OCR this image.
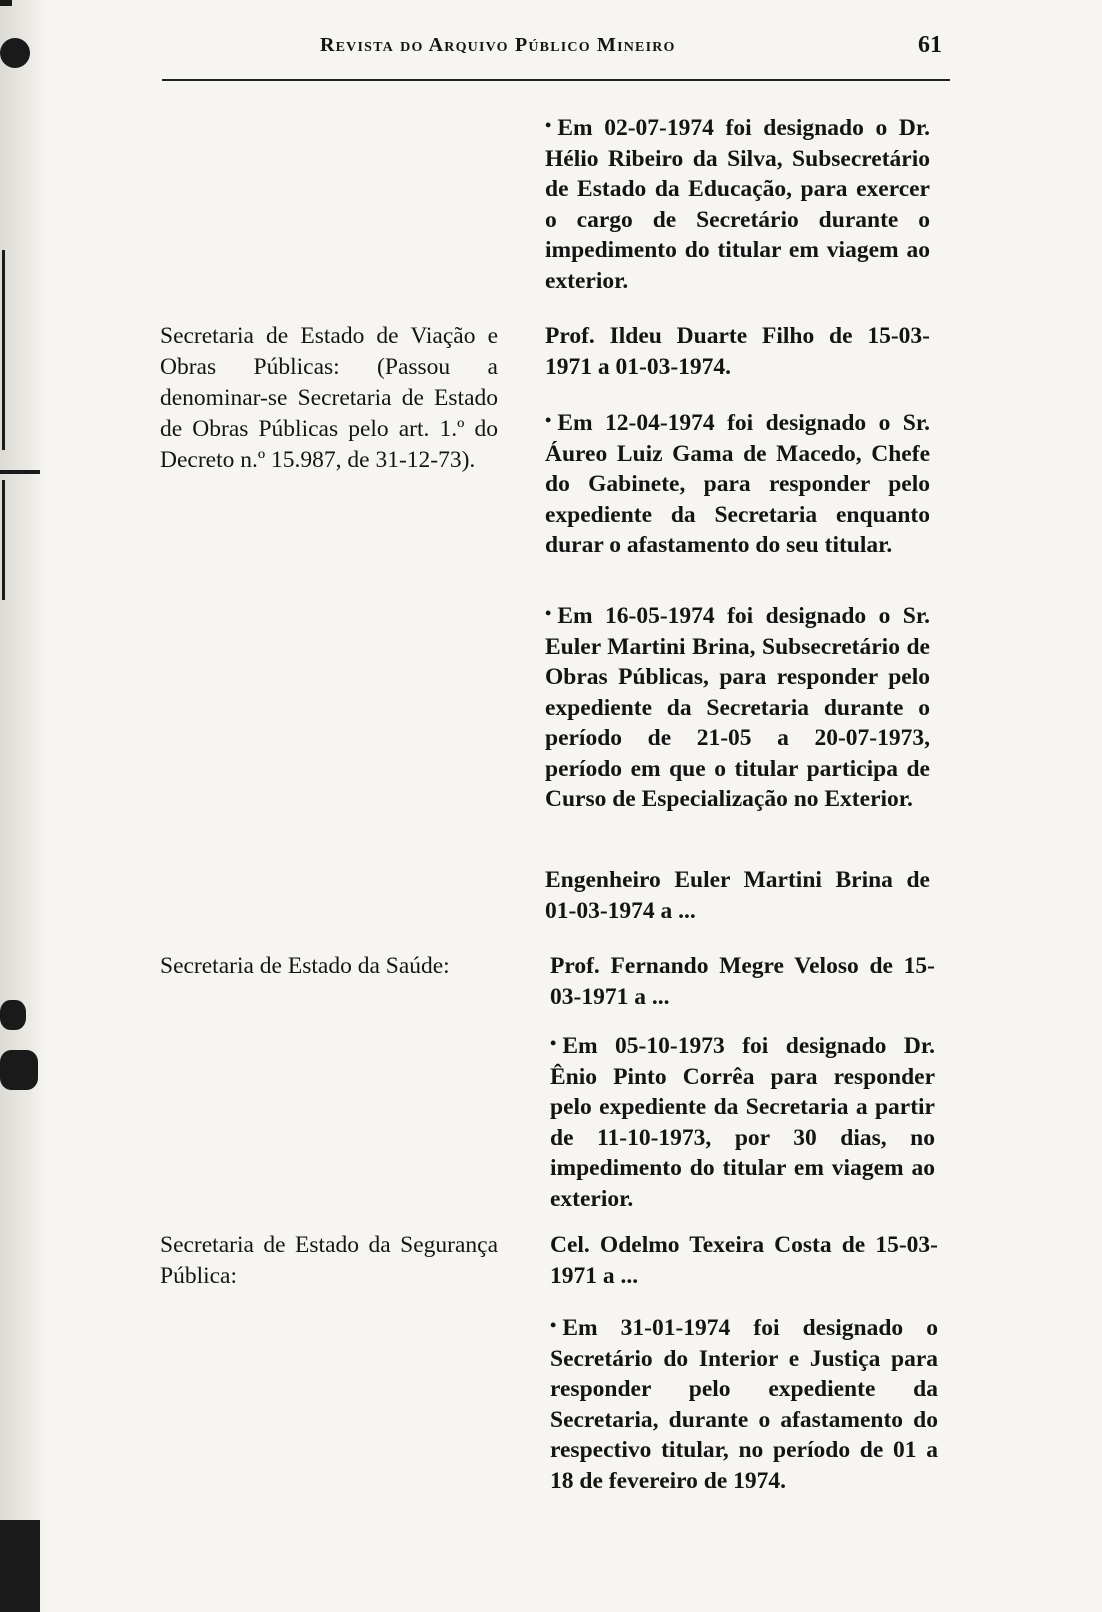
Revista do Arquivo Público Mineiro	61
Secretaria de Estado de Viação e Obras Públicas: (Passou a denominar-se Secretaria de Estado de Obras Públicas pelo art. 1.º do Decreto n.º 15.987, de 31-12-73).
Secretaria de Estado da Saúde:
Secretaria de Estado da Segurança Pública:
• Em 02-07-1974 foi designado o Dr. Hélio Ribeiro da Silva, Subsecretário de Estado da Educação, para exercer o cargo de Secretário durante o impedimento do titular em viagem ao exterior.
Prof. Ildeu Duarte Filho de 15-03-1971 a 01-03-1974.
• Em 12-04-1974 foi designado o Sr. Áureo Luiz Gama de Macedo, Chefe do Gabinete, para responder pelo expediente da Secretaria enquanto durar o afastamento do seu titular.
• Em 16-05-1974 foi designado o Sr. Euler Martini Brina, Subsecretário de Obras Públicas, para responder pelo expediente da Secretaria durante o período de 21-05 a 20-07-1973, período em que o titular participa de Curso de Especialização no Exterior.
Engenheiro Euler Martini Brina de 01-03-1974 a ...
Prof. Fernando Megre Veloso de 15-03-1971 a ...
• Em 05-10-1973 foi designado Dr. Ênio Pinto Corrêa para responder pelo expediente da Secretaria a partir de 11-10-1973, por 30 dias, no impedimento do titular em viagem ao exterior.
Cel. Odelmo Texeira Costa de 15-03-1971 a ...
• Em 31-01-1974 foi designado o Secretário do Interior e Justiça para responder pelo expediente da Secretaria, durante o afastamento do respectivo titular, no período de 01 a 18 de fevereiro de 1974.
